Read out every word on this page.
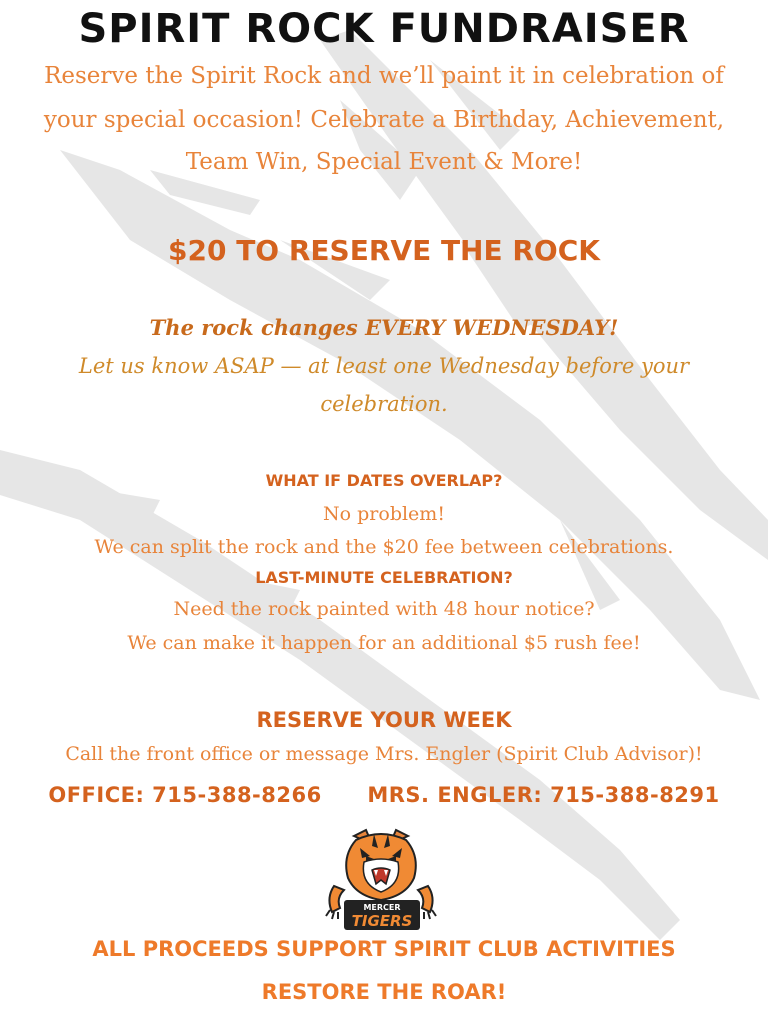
SPIRIT ROCK FUNDRAISER
Reserve the Spirit Rock and we’ll paint it in celebration of
your special occasion! Celebrate a Birthday, Achievement,
Team Win, Special Event & More!
$20 TO RESERVE THE ROCK
The rock changes EVERY WEDNESDAY!
Let us know ASAP — at least one Wednesday before your
celebration.
WHAT IF DATES OVERLAP?
No problem!
We can split the rock and the $20 fee between celebrations.
LAST-MINUTE CELEBRATION?
Need the rock painted with 48 hour notice?
We can make it happen for an additional $5 rush fee!
RESERVE YOUR WEEK
Call the front office or message Mrs. Engler (Spirit Club Advisor)!
OFFICE: 715-388-8266 MRS. ENGLER: 715-388-8291
ALL PROCEEDS SUPPORT SPIRIT CLUB ACTIVITIES
RESTORE THE ROAR!
MERCER
TIGERS
